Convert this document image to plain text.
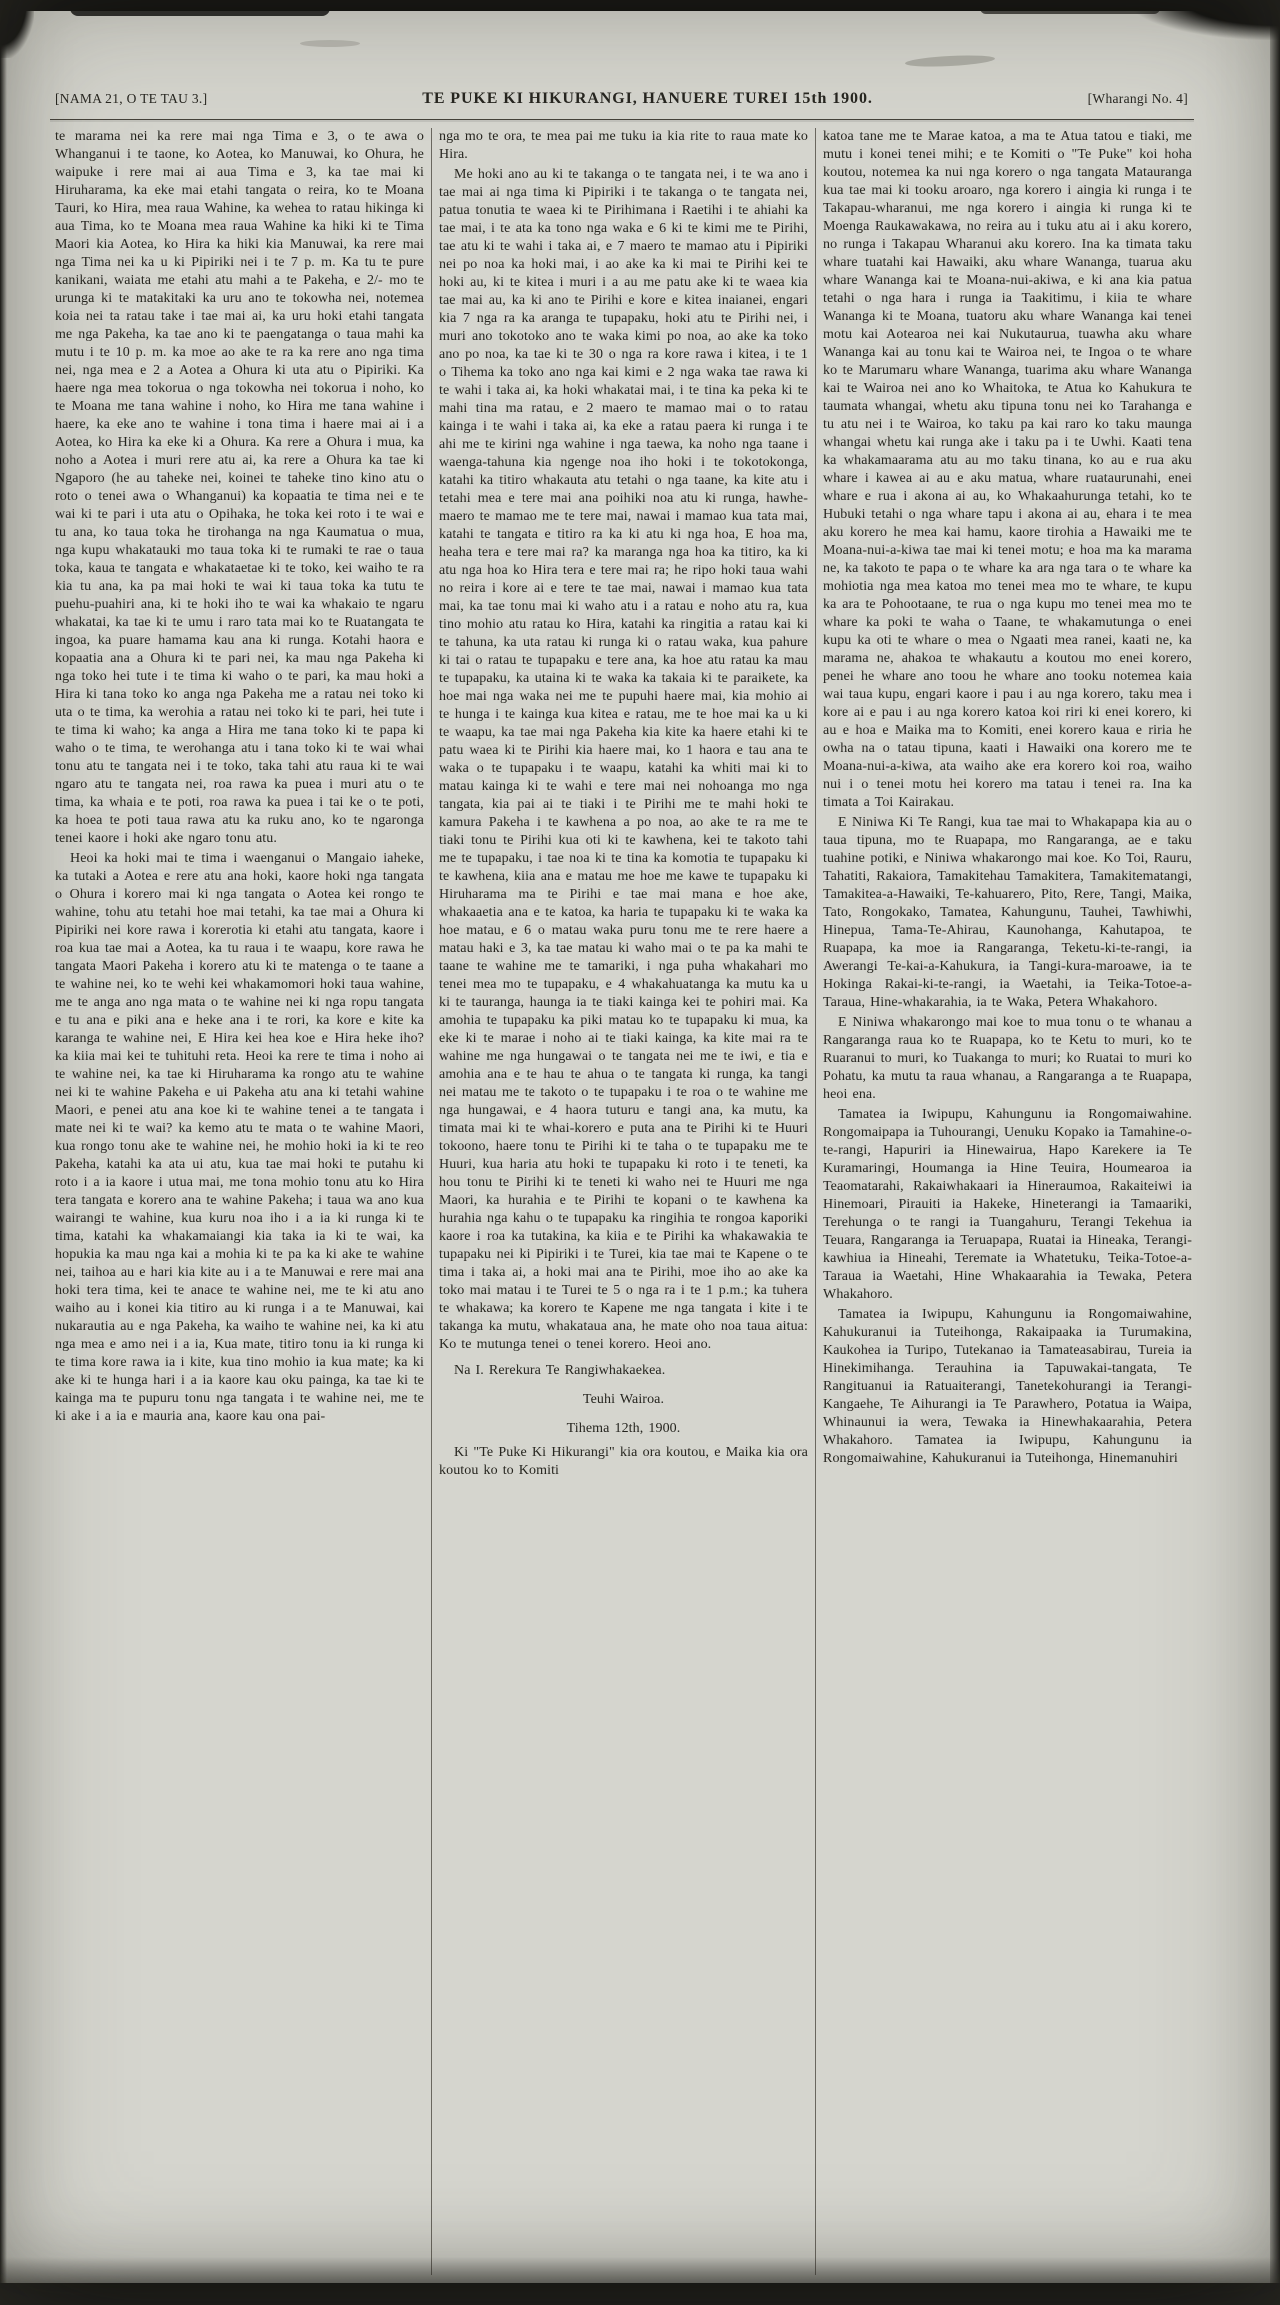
[NAMA 21, O TE TAU 3.]	TE PUKE KI HIKURANGI, HANUERE TUREI 15th 1900.	[Wharangi No. 4]

te marama nei ka rere mai nga Tima e 3, o te awa o Whanganui i te taone, ko Aotea, ko Manuwai, ko Ohura, he waipuke i rere mai ai aua Tima e 3, ka tae mai ki Hiruharama, ka eke mai etahi tangata o reira, ko te Moana Tauri, ko Hira, mea raua Wahine, ka wehea to ratau hikinga ki aua Tima, ko te Moana mea raua Wahine ka hiki ki te Tima Maori kia Aotea, ko Hira ka hiki kia Manuwai, ka rere mai nga Tima nei ka u ki Pipiriki nei i te 7 p. m. Ka tu te pure kanikani, waiata me etahi atu mahi a te Pakeha, e 2/- mo te urunga ki te matakitaki ka uru ano te tokowha nei, notemea koia nei ta ratau take i tae mai ai, ka uru hoki etahi tangata me nga Pakeha, ka tae ano ki te paengatanga o taua mahi ka mutu i te 10 p. m. ka moe ao ake te ra ka rere ano nga tima nei, nga mea e 2 a Aotea a Ohura ki uta atu o Pipiriki. Ka haere nga mea tokorua o nga tokowha nei tokorua i noho, ko te Moana me tana wahine i noho, ko Hira me tana wahine i haere, ka eke ano te wahine i tona tima i haere mai ai i a Aotea, ko Hira ka eke ki a Ohura. Ka rere a Ohura i mua, ka noho a Aotea i muri rere atu ai, ka rere a Ohura ka tae ki Ngaporo (he au taheke nei, koinei te taheke tino kino atu o roto o tenei awa o Whanganui) ka kopaatia te tima nei e te wai ki te pari i uta atu o Opihaka, he toka kei roto i te wai e tu ana, ko taua toka he tirohanga na nga Kaumatua o mua, nga kupu whakatauki mo taua toka ki te rumaki te rae o taua toka, kaua te tangata e whakataetae ki te toko, kei waiho te ra kia tu ana, ka pa mai hoki te wai ki taua toka ka tutu te puehu-puahiri ana, ki te hoki iho te wai ka whakaio te ngaru whakatai, ka tae ki te umu i raro tata mai ko te Ruatangata te ingoa, ka puare hamama kau ana ki runga. Kotahi haora e kopaatia ana a Ohura ki te pari nei, ka mau nga Pakeha ki nga toko hei tute i te tima ki waho o te pari, ka mau hoki a Hira ki tana toko ko anga nga Pakeha me a ratau nei toko ki uta o te tima, ka werohia a ratau nei toko ki te pari, hei tute i te tima ki waho; ka anga a Hira me tana toko ki te papa ki waho o te tima, te werohanga atu i tana toko ki te wai whai tonu atu te tangata nei i te toko, taka tahi atu raua ki te wai ngaro atu te tangata nei, roa rawa ka puea i muri atu o te tima, ka whaia e te poti, roa rawa ka puea i tai ke o te poti, ka hoea te poti taua rawa atu ka ruku ano, ko te ngaronga tenei kaore i hoki ake ngaro tonu atu.

Heoi ka hoki mai te tima i waenganui o Mangaio iaheke, ka tutaki a Aotea e rere atu ana hoki, kaore hoki nga tangata o Ohura i korero mai ki nga tangata o Aotea kei rongo te wahine, tohu atu tetahi hoe mai tetahi, ka tae mai a Ohura ki Pipiriki nei kore rawa i korerotia ki etahi atu tangata, kaore i roa kua tae mai a Aotea, ka tu raua i te waapu, kore rawa he tangata Maori Pakeha i korero atu ki te matenga o te taane a te wahine nei, ko te wehi kei whakamomori hoki taua wahine, me te anga ano nga mata o te wahine nei ki nga ropu tangata e tu ana e piki ana e heke ana i te rori, ka kore e kite ka karanga te wahine nei, E Hira kei hea koe e Hira heke iho? ka kiia mai kei te tuhituhi reta. Heoi ka rere te tima i noho ai te wahine nei, ka tae ki Hiruharama ka rongo atu te wahine nei ki te wahine Pakeha e ui Pakeha atu ana ki tetahi wahine Maori, e penei atu ana koe ki te wahine tenei a te tangata i mate nei ki te wai? ka kemo atu te mata o te wahine Maori, kua rongo tonu ake te wahine nei, he mohio hoki ia ki te reo Pakeha, katahi ka ata ui atu, kua tae mai hoki te putahu ki roto i a ia kaore i utua mai, me tona mohio tonu atu ko Hira tera tangata e korero ana te wahine Pakeha; i taua wa ano kua wairangi te wahine, kua kuru noa iho i a ia ki runga ki te tima, katahi ka whakamaiangi kia taka ia ki te wai, ka hopukia ka mau nga kai a mohia ki te pa ka ki ake te wahine nei, taihoa au e hari kia kite au i a te Manuwai e rere mai ana hoki tera tima, kei te anace te wahine nei, me te ki atu ano waiho au i konei kia titiro au ki runga i a te Manuwai, kai nukarautia au e nga Pakeha, ka waiho te wahine nei, ka ki atu nga mea e amo nei i a ia, Kua mate, titiro tonu ia ki runga ki te tima kore rawa ia i kite, kua tino mohio ia kua mate; ka ki ake ki te hunga hari i a ia kaore kau oku painga, ka tae ki te kainga ma te pupuru tonu nga tangata i te wahine nei, me te ki ake i a ia e mauria ana, kaore kau ona pai-

nga mo te ora, te mea pai me tuku ia kia rite to raua mate ko Hira.

Me hoki ano au ki te takanga o te tangata nei, i te wa ano i tae mai ai nga tima ki Pipiriki i te takanga o te tangata nei, patua tonutia te waea ki te Pirihimana i Raetihi i te ahiahi ka tae mai, i te ata ka tono nga waka e 6 ki te kimi me te Pirihi, tae atu ki te wahi i taka ai, e 7 maero te mamao atu i Pipiriki nei po noa ka hoki mai, i ao ake ka ki mai te Pirihi kei te hoki au, ki te kitea i muri i a au me patu ake ki te waea kia tae mai au, ka ki ano te Pirihi e kore e kitea inaianei, engari kia 7 nga ra ka aranga te tupapaku, hoki atu te Pirihi nei, i muri ano tokotoko ano te waka kimi po noa, ao ake ka toko ano po noa, ka tae ki te 30 o nga ra kore rawa i kitea, i te 1 o Tihema ka toko ano nga kai kimi e 2 nga waka tae rawa ki te wahi i taka ai, ka hoki whakatai mai, i te tina ka peka ki te mahi tina ma ratau, e 2 maero te mamao mai o to ratau kainga i te wahi i taka ai, ka eke a ratau paera ki runga i te ahi me te kirini nga wahine i nga taewa, ka noho nga taane i waenga-tahuna kia ngenge noa iho hoki i te tokotokonga, katahi ka titiro whakauta atu tetahi o nga taane, ka kite atu i tetahi mea e tere mai ana poihiki noa atu ki runga, hawhe-maero te mamao me te tere mai, nawai i mamao kua tata mai, katahi te tangata e titiro ra ka ki atu ki nga hoa, E hoa ma, heaha tera e tere mai ra? ka maranga nga hoa ka titiro, ka ki atu nga hoa ko Hira tera e tere mai ra; he ripo hoki taua wahi no reira i kore ai e tere te tae mai, nawai i mamao kua tata mai, ka tae tonu mai ki waho atu i a ratau e noho atu ra, kua tino mohio atu ratau ko Hira, katahi ka ringitia a ratau kai ki te tahuna, ka uta ratau ki runga ki o ratau waka, kua pahure ki tai o ratau te tupapaku e tere ana, ka hoe atu ratau ka mau te tupapaku, ka utaina ki te waka ka takaia ki te paraikete, ka hoe mai nga waka nei me te pupuhi haere mai, kia mohio ai te hunga i te kainga kua kitea e ratau, me te hoe mai ka u ki te waapu, ka tae mai nga Pakeha kia kite ka haere etahi ki te patu waea ki te Pirihi kia haere mai, ko 1 haora e tau ana te waka o te tupapaku i te waapu, katahi ka whiti mai ki to matau kainga ki te wahi e tere mai nei nohoanga mo nga tangata, kia pai ai te tiaki i te Pirihi me te mahi hoki te kamura Pakeha i te kawhena a po noa, ao ake te ra me te tiaki tonu te Pirihi kua oti ki te kawhena, kei te takoto tahi me te tupapaku, i tae noa ki te tina ka komotia te tupapaku ki te kawhena, kiia ana e matau me hoe me kawe te tupapaku ki Hiruharama ma te Pirihi e tae mai mana e hoe ake, whakaaetia ana e te katoa, ka haria te tupapaku ki te waka ka hoe matau, e 6 o matau waka puru tonu me te rere haere a matau haki e 3, ka tae matau ki waho mai o te pa ka mahi te taane te wahine me te tamariki, i nga puha whakahari mo tenei mea mo te tupapaku, e 4 whakahuatanga ka mutu ka u ki te tauranga, haunga ia te tiaki kainga kei te pohiri mai. Ka amohia te tupapaku ka piki matau ko te tupapaku ki mua, ka eke ki te marae i noho ai te tiaki kainga, ka kite mai ra te wahine me nga hungawai o te tangata nei me te iwi, e tia e amohia ana e te hau te ahua o te tangata ki runga, ka tangi nei matau me te takoto o te tupapaku i te roa o te wahine me nga hungawai, e 4 haora tuturu e tangi ana, ka mutu, ka timata mai ki te whai-korero e puta ana te Pirihi ki te Huuri tokoono, haere tonu te Pirihi ki te taha o te tupapaku me te Huuri, kua haria atu hoki te tupapaku ki roto i te teneti, ka hou tonu te Pirihi ki te teneti ki waho nei te Huuri me nga Maori, ka hurahia e te Pirihi te kopani o te kawhena ka hurahia nga kahu o te tupapaku ka ringihia te rongoa kaporiki kaore i roa ka tutakina, ka kiia e te Pirihi ka whakawakia te tupapaku nei ki Pipiriki i te Turei, kia tae mai te Kapene o te tima i taka ai, a hoki mai ana te Pirihi, moe iho ao ake ka toko mai matau i te Turei te 5 o nga ra i te 1 p.m.; ka tuhera te whakawa; ka korero te Kapene me nga tangata i kite i te takanga ka mutu, whakataua ana, he mate oho noa taua aitua: Ko te mutunga tenei o tenei korero. Heoi ano.

Na I. Rerekura Te Rangiwhakaekea.

Teuhi Wairoa.

Tihema 12th, 1900.

Ki "Te Puke Ki Hikurangi" kia ora koutou, e Maika kia ora koutou ko to Komiti

katoa tane me te Marae katoa, a ma te Atua tatou e tiaki, me mutu i konei tenei mihi; e te Komiti o "Te Puke" koi hoha koutou, notemea ka nui nga korero o nga tangata Matauranga kua tae mai ki tooku aroaro, nga korero i aingia ki runga i te Takapau-wharanui, me nga korero i aingia ki runga ki te Moenga Raukawakawa, no reira au i tuku atu ai i aku korero, no runga i Takapau Wharanui aku korero. Ina ka timata taku whare tuatahi kai Hawaiki, aku whare Wananga, tuarua aku whare Wananga kai te Moana-nui-akiwa, e ki ana kia patua tetahi o nga hara i runga ia Taakitimu, i kiia te whare Wananga ki te Moana, tuatoru aku whare Wananga kai tenei motu kai Aotearoa nei kai Nukutaurua, tuawha aku whare Wananga kai au tonu kai te Wairoa nei, te Ingoa o te whare ko te Marumaru whare Wananga, tuarima aku whare Wananga kai te Wairoa nei ano ko Whaitoka, te Atua ko Kahukura te taumata whangai, whetu aku tipuna tonu nei ko Tarahanga e tu atu nei i te Wairoa, ko taku pa kai raro ko taku maunga whangai whetu kai runga ake i taku pa i te Uwhi. Kaati tena ka whakamaarama atu au mo taku tinana, ko au e rua aku whare i kawea ai au e aku matua, whare ruataurunahi, enei whare e rua i akona ai au, ko Whakaahurunga tetahi, ko te Hubuki tetahi o nga whare tapu i akona ai au, ehara i te mea aku korero he mea kai hamu, kaore tirohia a Hawaiki me te Moana-nui-a-kiwa tae mai ki tenei motu; e hoa ma ka marama ne, ka takoto te papa o te whare ka ara nga tara o te whare ka mohiotia nga mea katoa mo tenei mea mo te whare, te kupu ka ara te Pohootaane, te rua o nga kupu mo tenei mea mo te whare ka poki te waha o Taane, te whakamutunga o enei kupu ka oti te whare o mea o Ngaati mea ranei, kaati ne, ka marama ne, ahakoa te whakautu a koutou mo enei korero, penei he whare ano toou he whare ano tooku notemea kaia wai taua kupu, engari kaore i pau i au nga korero, taku mea i kore ai e pau i au nga korero katoa koi riri ki enei korero, ki au e hoa e Maika ma to Komiti, enei korero kaua e riria he owha na o tatau tipuna, kaati i Hawaiki ona korero me te Moana-nui-a-kiwa, ata waiho ake era korero koi roa, waiho nui i o tenei motu hei korero ma tatau i tenei ra. Ina ka timata a Toi Kairakau.

E Niniwa Ki Te Rangi, kua tae mai to Whakapapa kia au o taua tipuna, mo te Ruapapa, mo Rangaranga, ae e taku tuahine potiki, e Niniwa whakarongo mai koe. Ko Toi, Rauru, Tahatiti, Rakaiora, Tamakitehau Tamakitera, Tamakitematangi, Tamakitea-a-Hawaiki, Te-kahuarero, Pito, Rere, Tangi, Maika, Tato, Rongokako, Tamatea, Kahungunu, Tauhei, Tawhiwhi, Hinepua, Tama-Te-Ahirau, Kaunohanga, Kahutapoa, te Ruapapa, ka moe ia Rangaranga, Teketu-ki-te-rangi, ia Awerangi Te-kai-a-Kahukura, ia Tangi-kura-maroawe, ia te Hokinga Rakai-ki-te-rangi, ia Waetahi, ia Teika-Totoe-a-Taraua, Hine-whakarahia, ia te Waka, Petera Whakahoro.

E Niniwa whakarongo mai koe to mua tonu o te whanau a Rangaranga raua ko te Ruapapa, ko te Ketu to muri, ko te Ruaranui to muri, ko Tuakanga to muri; ko Ruatai to muri ko Pohatu, ka mutu ta raua whanau, a Rangaranga a te Ruapapa, heoi ena.

Tamatea ia Iwipupu, Kahungunu ia Rongomaiwahine. Rongomaipapa ia Tuhourangi, Uenuku Kopako ia Tamahine-o-te-rangi, Hapuriri ia Hinewairua, Hapo Karekere ia Te Kuramaringi, Houmanga ia Hine Teuira, Houmearoa ia Teaomatarahi, Rakaiwhakaari ia Hineraumoa, Rakaiteiwi ia Hinemoari, Pirauiti ia Hakeke, Hineterangi ia Tamaariki, Terehunga o te rangi ia Tuangahuru, Terangi Tekehua ia Teuara, Rangaranga ia Teruapapa, Ruatai ia Hineaka, Terangi-kawhiua ia Hineahi, Teremate ia Whatetuku, Teika-Totoe-a-Taraua ia Waetahi, Hine Whakaarahia ia Tewaka, Petera Whakahoro.

Tamatea ia Iwipupu, Kahungunu ia Rongomaiwahine, Kahukuranui ia Tuteihonga, Rakaipaaka ia Turumakina, Kaukohea ia Turipo, Tutekanao ia Tamateasabirau, Tureia ia Hinekimihanga. Terauhina ia Tapuwakai-tangata, Te Rangituanui ia Ratuaiterangi, Tanetekohurangi ia Terangi-Kangaehe, Te Aihurangi ia Te Parawhero, Potatua ia Waipa, Whinaunui ia wera, Tewaka ia Hinewhakaarahia, Petera Whakahoro. Tamatea ia Iwipupu, Kahungunu ia Rongomaiwahine, Kahukuranui ia Tuteihonga, Hinemanuhiri
